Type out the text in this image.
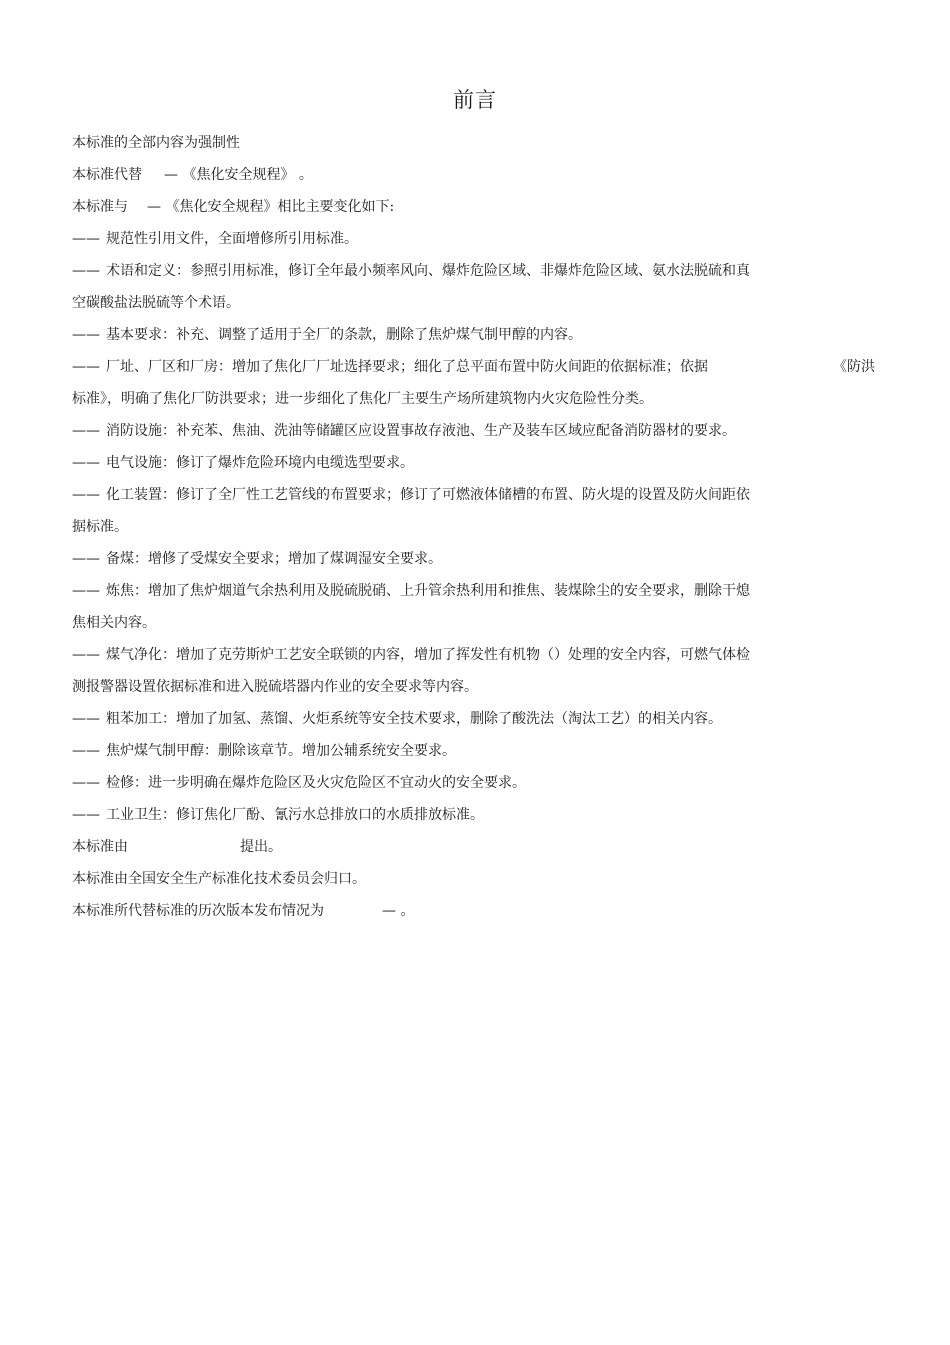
前言
本标准的全部内容为强制性
本标准代替 — 《焦化安全规程》 。
本标准与 — 《焦化安全规程》相比主要变化如下:
—— 规范性引用文件，全面增修所引用标准。
—— 术语和定义：参照引用标准，修订全年最小频率风向、爆炸危险区域、非爆炸危险区域、氨水法脱硫和真
空碳酸盐法脱硫等个术语。
—— 基本要求：补充、调整了适用于全厂的条款，删除了焦炉煤气制甲醇的内容。
—— 厂址、厂区和厂房：增加了焦化厂厂址选择要求；细化了总平面布置中防火间距的依据标准；依据	《防洪
标准》，明确了焦化厂防洪要求；进一步细化了焦化厂主要生产场所建筑物内火灾危险性分类。
—— 消防设施：补充苯、焦油、洗油等储罐区应设置事故存液池、生产及装车区域应配备消防器材的要求。
—— 电气设施：修订了爆炸危险环境内电缆选型要求。
—— 化工装置：修订了全厂性工艺管线的布置要求；修订了可燃液体储槽的布置、防火堤的设置及防火间距依
据标准。
—— 备煤：增修了受煤安全要求；增加了煤调湿安全要求。
—— 炼焦：增加了焦炉烟道气余热利用及脱硫脱硝、上升管余热利用和推焦、装煤除尘的安全要求，删除干熄
焦相关内容。
—— 煤气净化：增加了克劳斯炉工艺安全联锁的内容，增加了挥发性有机物（）处理的安全内容，可燃气体检
测报警器设置依据标准和进入脱硫塔器内作业的安全要求等内容。
—— 粗苯加工：增加了加氢、蒸馏、火炬系统等安全技术要求，删除了酸洗法（淘汰工艺）的相关内容。
—— 焦炉煤气制甲醇：删除该章节。增加公辅系统安全要求。
—— 检修：进一步明确在爆炸危险区及火灾危险区不宜动火的安全要求。
—— 工业卫生：修订焦化厂酚、氰污水总排放口的水质排放标准。
本标准由	提出。
本标准由全国安全生产标准化技术委员会归口。
本标准所代替标准的历次版本发布情况为	— 。
